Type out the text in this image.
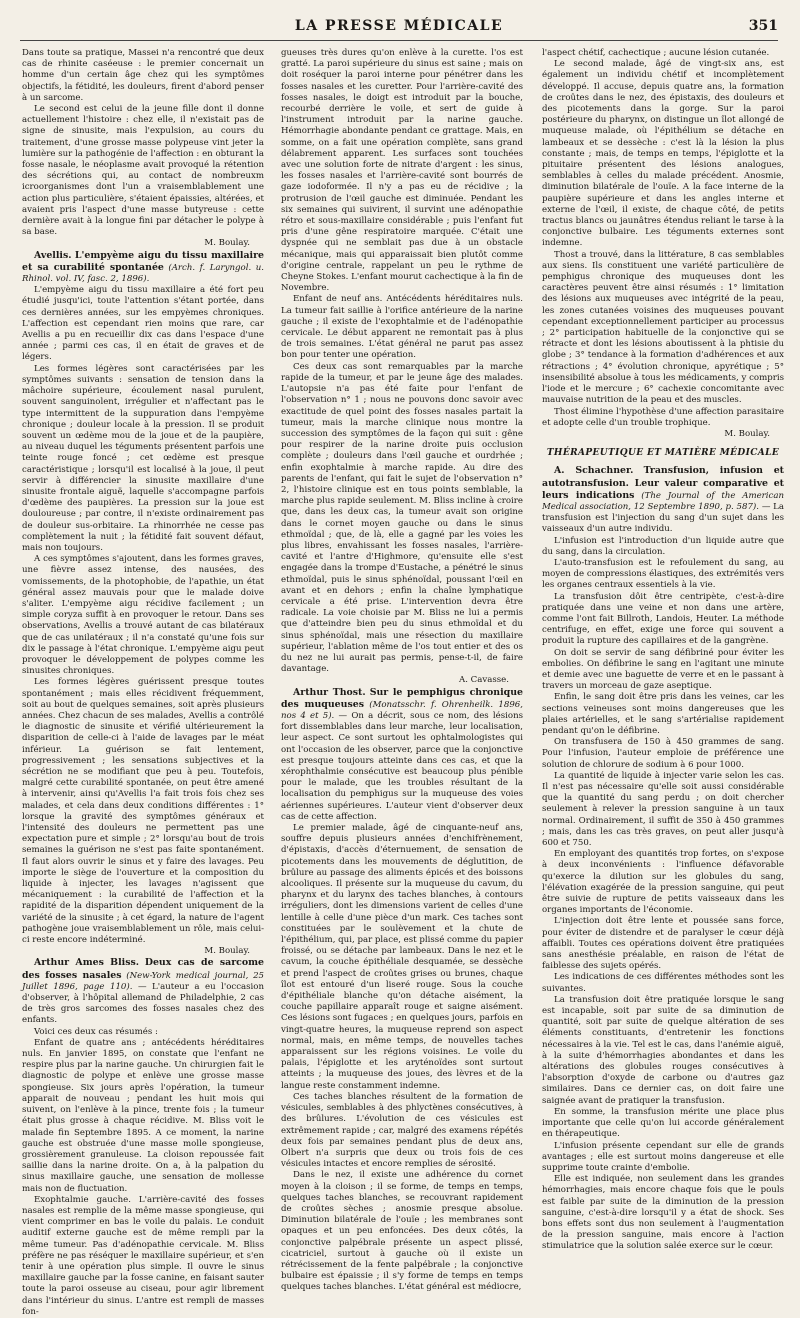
LA PRESSE MÉDICALE	351

Dans toute sa pratique, Massei n'a rencontré que deux cas de rhinite caséeuse : le premier concernait un homme d'un certain âge chez qui les symptômes objectifs, la fétidité, les douleurs, firent d'abord penser à un sarcome.

Le second est celui de la jeune fille dont il donne actuellement l'histoire : chez elle, il n'existait pas de signe de sinusite, mais l'expulsion, au cours du traitement, d'une grosse masse polypeuse vint jeter la lumière sur la pathogénie de l'affection : en obturant la fosse nasale, le néoplasme avait provoqué la rétention des sécrétions qui, au contact de nombreuxm icroorganismes dont l'un a vraisemblablement une action plus particulière, s'étaient épaissies, altérées, et avaient pris l'aspect d'une masse butyreuse : cette dernière avait à la longue fini par détacher le polype à sa base.

M. Boulay.

Avellis. L'empyème aigu du tissu maxillaire et sa curabilité spontanée (Arch. f. Laryngol. u. Rhinol. vol. IV, fasc. 2, 1896).

L'empyème aigu du tissu maxillaire a été fort peu étudié jusqu'ici, toute l'attention s'étant portée, dans ces dernières années, sur les empyèmes chroniques. L'affection est cependant rien moins que rare, car Avellis a pu en recueillir dix cas dans l'espace d'une année ; parmi ces cas, il en était de graves et de légers.

Les formes légères sont caractérisées par les symptômes suivants : sensation de tension dans la mâchoire supérieure, écoulement nasal purulent, souvent sanguinolent, irrégulier et n'affectant pas le type intermittent de la suppuration dans l'empyème chronique ; douleur locale à la pression. Il se produit souvent un œdème mou de la joue et de la paupière, au niveau duquel les téguments présentent parfois une teinte rouge foncé ; cet œdème est presque caractéristique ; lorsqu'il est localisé à la joue, il peut servir à différencier la sinusite maxillaire d'une sinusite frontale aiguë, laquelle s'accompagne parfois d'œdème des paupières. La pression sur la joue est douloureuse ; par contre, il n'existe ordinairement pas de douleur sus-orbitaire. La rhinorrhée ne cesse pas complètement la nuit ; la fétidité fait souvent défaut, mais non toujours.

A ces symptômes s'ajoutent, dans les formes graves, une fièvre assez intense, des nausées, des vomissements, de la photophobie, de l'apathie, un état général assez mauvais pour que le malade doive s'aliter. L'empyème aigu récidive facilement ; un simple coryza suffit à en provoquer le retour. Dans ses observations, Avellis a trouvé autant de cas bilatéraux que de cas unilatéraux ; il n'a constaté qu'une fois sur dix le passage à l'état chronique. L'empyème aigu peut provoquer le développement de polypes comme les sinusites chroniques.

Les formes légères guérissent presque toutes spontanément ; mais elles récidivent fréquemment, soit au bout de quelques semaines, soit après plusieurs années. Chez chacun de ses malades, Avellis a contrôlé le diagnostic de sinusite et vérifié ultérieurement la disparition de celle-ci à l'aide de lavages par le méat inférieur. La guérison se fait lentement, progressivement ; les sensations subjectives et la sécrétion ne se modifiant que peu à peu. Toutefois, malgré cette curabilité spontanée, on peut être amené à intervenir, ainsi qu'Avellis l'a fait trois fois chez ses malades, et cela dans deux conditions différentes : 1° lorsque la gravité des symptômes généraux et l'intensité des douleurs ne permettent pas une expectation pure et simple ; 2° lorsqu'au bout de trois semaines la guérison ne s'est pas faite spontanément. Il faut alors ouvrir le sinus et y faire des lavages. Peu importe le siège de l'ouverture et la composition du liquide à injecter, les lavages n'agissent que mécaniquement : la curabilité de l'affection et la rapidité de la disparition dépendent uniquement de la variété de la sinusite ; à cet égard, la nature de l'agent pathogène joue vraisemblablement un rôle, mais celui-ci reste encore indéterminé.

M. Boulay.

Arthur Ames Bliss. Deux cas de sarcome des fosses nasales (New-York medical journal, 25 Juillet 1896, page 110). — L'auteur a eu l'occasion d'observer, à l'hôpital allemand de Philadelphie, 2 cas de très gros sarcomes des fosses nasales chez des enfants.

Voici ces deux cas résumés :

Enfant de quatre ans ; antécédents héréditaires nuls. En janvier 1895, on constate que l'enfant ne respire plus par la narine gauche. Un chirurgien fait le diagnostic de polype et enlève une grosse masse spongieuse. Six jours après l'opération, la tumeur apparait de nouveau ; pendant les huit mois qui suivent, on l'enlève à la pince, trente fois ; la tumeur était plus grosse à chaque récidive. M. Bliss voit le malade fin Septembre 1895. A ce moment, la narine gauche est obstruée d'une masse molle spongieuse, grossièrement granuleuse. La cloison repoussée fait saillie dans la narine droite. On a, à la palpation du sinus maxillaire gauche, une sensation de mollesse mais non de fluctuation.

Exophtalmie gauche. L'arrière-cavité des fosses nasales est remplie de la même masse spongieuse, qui vient comprimer en bas le voile du palais. Le conduit auditif externe gauche est de même rempli par la même tumeur. Pas d'adénopathie cervicale. M. Bliss préfère ne pas réséquer le maxillaire supérieur, et s'en tenir à une opération plus simple. Il ouvre le sinus maxillaire gauche par la fosse canine, en faisant sauter toute la paroi osseuse au ciseau, pour agir librement dans l'intérieur du sinus. L'antre est rempli de masses fon-

gueuses très dures qu'on enlève à la curette. l'os est gratté. La paroi supérieure du sinus est saine ; mais on doit roséquer la paroi interne pour pénétrer dans les fosses nasales et les curetter. Pour l'arrière-cavité des fosses nasales, le doigt est introduit par la bouche, recourbé derrière le voile, et sert de guide à l'instrument introduit par la narine gauche. Hémorrhagie abondante pendant ce grattage. Mais, en somme, on a fait une opération complète, sans grand délabrement apparent. Les surfaces sont touchées avec une solution forte de nitrate d'argent : les sinus, les fosses nasales et l'arrière-cavité sont bourrés de gaze iodoformée. Il n'y a pas eu de récidive ; la protrusion de l'œil gauche est diminuée. Pendant les six semaines qui suivirent, il survint une adénopathie rétro et sous-maxillaire considérable ; puis l'enfant fut pris d'une gêne respiratoire marquée. C'était une dyspnée qui ne semblait pas due à un obstacle mécanique, mais qui apparaissait bien plutôt comme d'origine centrale, rappelant un peu le rythme de Cheyne Stokes. L'enfant mourut cachectique à la fin de Novembre.

Enfant de neuf ans. Antécédents héréditaires nuls. La tumeur fait saillie à l'orifice antérieure de la narine gauche ; il existe de l'exophtalmie et de l'adénopathie cervicale. Le début apparent ne remontait pas à plus de trois semaines. L'état général ne parut pas assez bon pour tenter une opération.

Ces deux cas sont remarquables par la marche rapide de la tumeur, et par le jeune âge des malades. L'autopsie n'a pas été faite pour l'enfant de l'observation n° 1 ; nous ne pouvons donc savoir avec exactitude de quel point des fosses nasales partait la tumeur, mais la marche clinique nous montre la succession des symptômes de la façon qui suit : gêne pour respirer de la narine droite puis occlusion complète ; douleurs dans l'œil gauche et ourdrhée ; enfin exophtalmie à marche rapide. Au dire des parents de l'enfant, qui fait le sujet de l'observation n° 2, l'histoire clinique est en tous points semblable, la marche plus rapide seulement. M. Bliss incline à croire que, dans les deux cas, la tumeur avait son origine dans le cornet moyen gauche ou dans le sinus ethmoïdal ; que, de là, elle a gagné par les voies les plus libres, envahissant les fosses nasales, l'arrière-cavité et l'antre d'Highmore, qu'ensuite elle s'est engagée dans la trompe d'Eustache, a pénétré le sinus ethmoïdal, puis le sinus sphénoïdal, poussant l'œil en avant et en dehors ; enfin la chaîne lymphatique cervicale a été prise. L'intervention devra être radicale. La voie choisie par M. Bliss ne lui a permis que d'atteindre bien peu du sinus ethmoïdal et du sinus sphénoïdal, mais une résection du maxillaire supérieur, l'ablation même de l'os tout entier et des os du nez ne lui aurait pas permis, pense-t-il, de faire davantage.

A. Cavasse.

Arthur Thost. Sur le pemphigus chronique des muqueuses (Monatsschr. f. Ohrenheilk. 1896, nos 4 et 5). — On a décrit, sous ce nom, des lésions fort dissemblables dans leur marche, leur localisation, leur aspect. Ce sont surtout les ophtalmologistes qui ont l'occasion de les observer, parce que la conjonctive est presque toujours atteinte dans ces cas, et que la xérophthalmie consécutive est beaucoup plus pénible pour le malade, que les troubles résultant de la localisation du pemphigus sur la muqueuse des voies aériennes supérieures. L'auteur vient d'observer deux cas de cette affection.

Le premier malade, âgé de cinquante-neuf ans, souffre depuis plusieurs années d'enchifrènement, d'épistaxis, d'accès d'éternuement, de sensation de picotements dans les mouvements de déglutition, de brûlure au passage des aliments épicés et des boissons alcooliques. Il présente sur la muqueuse du cavum, du pharynx et du larynx des taches blanches, à contours irréguliers, dont les dimensions varient de celles d'une lentille à celle d'une pièce d'un mark. Ces taches sont constituées par le soulèvement et la chute de l'épithélium, qui, par place, est plissé comme du papier froissé, ou se détache par lambeaux. Dans le nez et le cavum, la couche épithéliale desquamée, se dessèche et prend l'aspect de croûtes grises ou brunes, chaque îlot est entouré d'un liseré rouge. Sous la couche d'épithéliale blanche qu'on détache aisément, la couche papillaire apparaît rouge et saigne aisément. Ces lésions sont fugaces ; en quelques jours, parfois en vingt-quatre heures, la muqueuse reprend son aspect normal, mais, en même temps, de nouvelles taches apparaissent sur les régions voisines. Le voile du palais, l'épiglotte et les aryténoïdes sont surtout atteints ; la muqueuse des joues, des lèvres et de la langue reste constamment indemne.

Ces taches blanches résultent de la formation de vésicules, semblables à des phlyctènes consécutives, à des brûlures. L'évolution de ces vésicules est extrêmement rapide ; car, malgré des examens répétés deux fois par semaines pendant plus de deux ans, Olbert n'a surpris que deux ou trois fois de ces vésicules intactes et encore remplies de sérosité.

Dans le nez, il existe une adhérence du cornet moyen à la cloison ; il se forme, de temps en temps, quelques taches blanches, se recouvrant rapidement de croûtes sèches ; anosmie presque absolue. Diminution bilatérale de l'ouïe ; les membranes sont opaques et un peu enfoncées. Des deux côtés, la conjonctive palpébrale présente un aspect plissé, cicatriciel, surtout à gauche où il existe un rétrécissement de la fente palpébrale ; la conjonctive bulbaire est épaissie ; il s'y forme de temps en temps quelques taches blanches. L'état général est médiocre,

l'aspect chétif, cachectique ; aucune lésion cutanée.

Le second malade, âgé de vingt-six ans, est également un individu chétif et incomplètement développé. Il accuse, depuis quatre ans, la formation de croûtes dans le nez, des épistaxis, des douleurs et des picotements dans la gorge. Sur la paroi postérieure du pharynx, on distingue un îlot allongé de muqueuse malade, où l'épithélium se détache en lambeaux et se dessèche : c'est là la lésion la plus constante ; mais, de temps en temps, l'épiglotte et la pituitaire présentent des lésions analogues, semblables à celles du malade précédent. Anosmie, diminution bilatérale de l'ouïe. A la face interne de la paupière supérieure et dans les angles interne et externe de l'œil, il existe, de chaque côté, de petits tractus blancs ou jaunâtres étendus reliant le tarse à la conjonctive bulbaire. Les téguments externes sont indemne.

Thost a trouvé, dans la littérature, 8 cas semblables aux siens. Ils constituent une variété particulière de pemphigus chronique des muqueuses dont les caractères peuvent être ainsi résumés : 1° limitation des lésions aux muqueuses avec intégrité de la peau, les zones cutanées voisines des muqueuses pouvant cependant exceptionnellement participer au processus ; 2° participation habituelle de la conjonctive qui se rétracte et dont les lésions aboutissent à la phtisie du globe ; 3° tendance à la formation d'adhérences et aux rétractions ; 4° évolution chronique, apyrétique ; 5° insensibilité absolue à tous les médicaments, y compris l'iode et le mercure ; 6° cachexie concomitante avec mauvaise nutrition de la peau et des muscles.

Thost élimine l'hypothèse d'une affection parasitaire et adopte celle d'un trouble trophique.

M. Boulay.

THÉRAPEUTIQUE ET MATIÈRE MÉDICALE

A. Schachner. Transfusion, infusion et autotransfusion. Leur valeur comparative et leurs indications (The Journal of the American Medical association, 12 Septembre 1890, p. 587). — La transfusion est l'injection du sang d'un sujet dans les vaisseaux d'un autre individu.

L'infusion est l'introduction d'un liquide autre que du sang, dans la circulation.

L'auto-transfusion est le refoulement du sang, au moyen de compressions élastiques, des extrémités vers les organes centraux essentiels à la vie.

La transfusion dôit être centripète, c'est-à-dire pratiquée dans une veine et non dans une artère, comme l'ont fait Billroth, Landois, Heuter. La méthode centrifuge, en effet, exige une force qui souvent a produit la rupture des capillaires et de la gangrène.

On doit se servir de sang défibriné pour éviter les embolies. On défibrine le sang en l'agitant une minute et demie avec une baguette de verre et en le passant à travers un morceau de gaze aseptique.

Enfin, le sang doit être pris dans les veines, car les sections veineuses sont moins dangereuses que les plaies artérielles, et le sang s'artérialise rapidement pendant qu'on le défibrine.

On transfusera de 150 à 450 grammes de sang. Pour l'infusion, l'auteur emploie de préférence une solution de chlorure de sodium à 6 pour 1000.

La quantité de liquide à injecter varie selon les cas. Il n'est pas nécessaire qu'elle soit aussi considérable que la quantité du sang perdu ; on doit chercher seulement à relever la pression sanguine à un taux normal. Ordinairement, il suffit de 350 à 450 grammes ; mais, dans les cas très graves, on peut aller jusqu'à 600 et 750.

En employant des quantités trop fortes, on s'expose à deux inconvénients : l'influence défavorable qu'exerce la dilution sur les globules du sang, l'élévation exagérée de la pression sanguine, qui peut être suivie de rupture de petits vaisseaux dans les organes importants de l'économie.

L'injection doit être lente et poussée sans force, pour éviter de distendre et de paralyser le cœur déjà affaibli. Toutes ces opérations doivent être pratiquées sans anesthésie préalable, en raison de l'état de faiblesse des sujets opérés.

Les indications de ces différentes méthodes sont les suivantes.

La transfusion doit être pratiquée lorsque le sang est incapable, soit par suite de sa diminution de quantité, soit par suite de quelque altération de ses éléments constituants, d'entretenir les fonctions nécessaires à la vie. Tel est le cas, dans l'anémie aiguë, à la suite d'hémorrhagies abondantes et dans les altérations des globules rouges consécutives à l'absorption d'oxyde de carbone ou d'autres gaz similaires. Dans ce dernier cas, on doit faire une saignée avant de pratiquer la transfusion.

En somme, la transfusion mérite une place plus importante que celle qu'on lui accorde généralement en thérapeutique.

L'infusion présente cependant sur elle de grands avantages ; elle est surtout moins dangereuse et elle supprime toute crainte d'embolie.

Elle est indiquée, non seulement dans les grandes hémorrhagies, mais encore chaque fois que le pouls est faible par suite de la diminution de la pression sanguine, c'est-à-dire lorsqu'il y a état de shock. Ses bons effets sont dus non seulement à l'augmentation de la pression sanguine, mais encore à l'action stimulatrice que la solution salée exerce sur le cœur.
